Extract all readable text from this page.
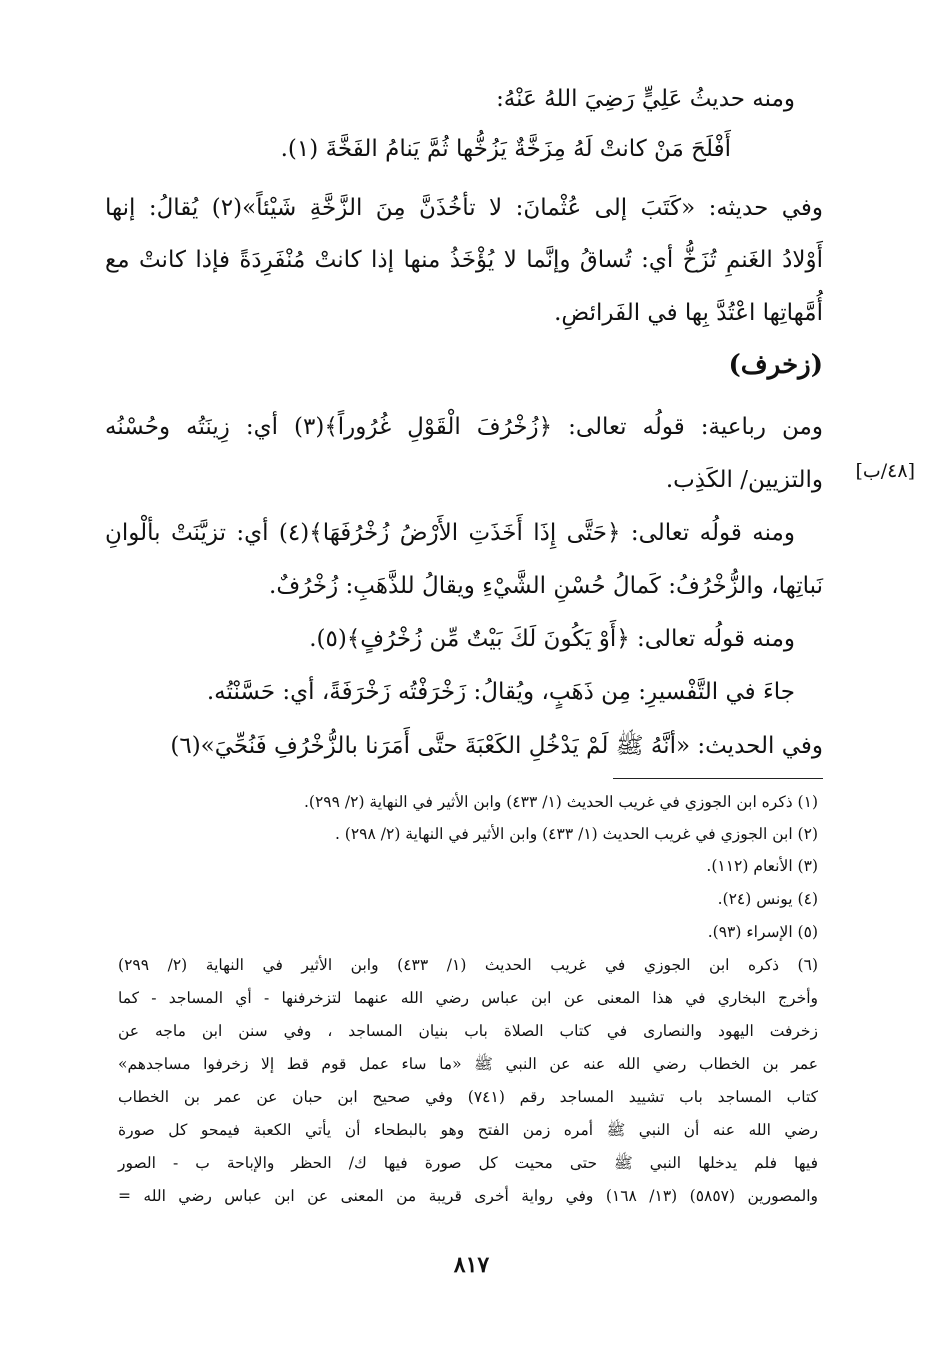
ومنه حديثُ عَلِيٍّ رَضِيَ اللهُ عَنْهُ:
أَفْلَحَ مَنْ كانتْ لَهُ مِزَخَّةٌ يَزُخُّها ثُمَّ يَنامُ الفَخَّةَ (١).
وفي حديثه: «كَتَبَ إلى عُثْمانَ: لا تأخُذَنَّ مِنَ الزَّخَّةِ شَيْئاً»(٢) يُقالُ: إنها
أَوْلادُ الغَنمِ تُزَخُّ أي: تُساقُ وإنَّما لا يُؤْخَذُ منها إذا كانتْ مُنْفَرِدَةً فإذا كانتْ مع
أُمَّهاتِها اعْتُدَّ بِها في الفَرائضِ.
(زخرف)
ومن رباعية: قولُه تعالى: ﴿زُخْرُفَ الْقَوْلِ غُرُوراً﴾(٣) أي: زِينَتُه وحُسْنُه
والتزيين/ الكَذِب. [٤٨/ب]
ومنه قولُه تعالى: ﴿حَتَّى إِذَا أَخَذَتِ الأَرْضُ زُخْرُفَهَا﴾(٤) أي: تزيَّنَتْ بألْوانِ
نَباتِها، والزُّخْرُفُ: كَمالُ حُسْنِ الشَّيْءِ ويقالُ للذَّهَبِ: زُخْرُفٌ.
ومنه قولُه تعالى: ﴿أَوْ يَكُونَ لَكَ بَيْتٌ مِّن زُخْرُفٍ﴾(٥).
جاءَ في التَّفْسيرِ: مِن ذَهَبٍ، ويُقالُ: زَخْرَفْتُه زَخْرَفَةً، أي: حَسَّنْتُه.
وفي الحديث: «أنَّهُ ﷺ لَمْ يَدْخُلِ الكَعْبَةَ حتَّى أَمَرَنا بالزُّخْرُفِ فَنُحِّيَ»(٦)
(١) ذكره ابن الجوزي في غريب الحديث (١/ ٤٣٣) وابن الأثير في النهاية (٢/ ٢٩٩).
(٢) ابن الجوزي في غريب الحديث (١/ ٤٣٣) وابن الأثير في النهاية (٢/ ٢٩٨) .
(٣) الأنعام (١١٢).
(٤) يونس (٢٤).
(٥) الإسراء (٩٣).
(٦) ذكره ابن الجوزي في غريب الحديث (١/ ٤٣٣) وابن الأثير في النهاية (٢/ ٢٩٩)
وأخرج البخاري في هذا المعنى عن ابن عباس رضي الله عنهما لتزخرفنها - أي المساجد - كما
زخرفت اليهود والنصارى في كتاب الصلاة باب بنيان المساجد ، وفي سنن ابن ماجه عن
عمر بن الخطاب رضي الله عنه عن النبي ﷺ «ما ساء عمل قوم قط إلا زخرفوا مساجدهم»
كتاب المساجد باب تشييد المساجد رقم (٧٤١) وفي صحيح ابن حبان عن عمر بن الخطاب
رضي الله عنه أن النبي ﷺ أمره زمن الفتح وهو بالبطحاء أن يأتي الكعبة فيمحو كل صورة
فيها فلم يدخلها النبي ﷺ حتى محيت كل صورة فيها ك/ الحظر والإباحة ب - الصور
والمصورين (٥٨٥٧) (١٣/ ١٦٨) وفي رواية أخرى قريبة من المعنى عن ابن عباس رضي الله =
٨١٧
